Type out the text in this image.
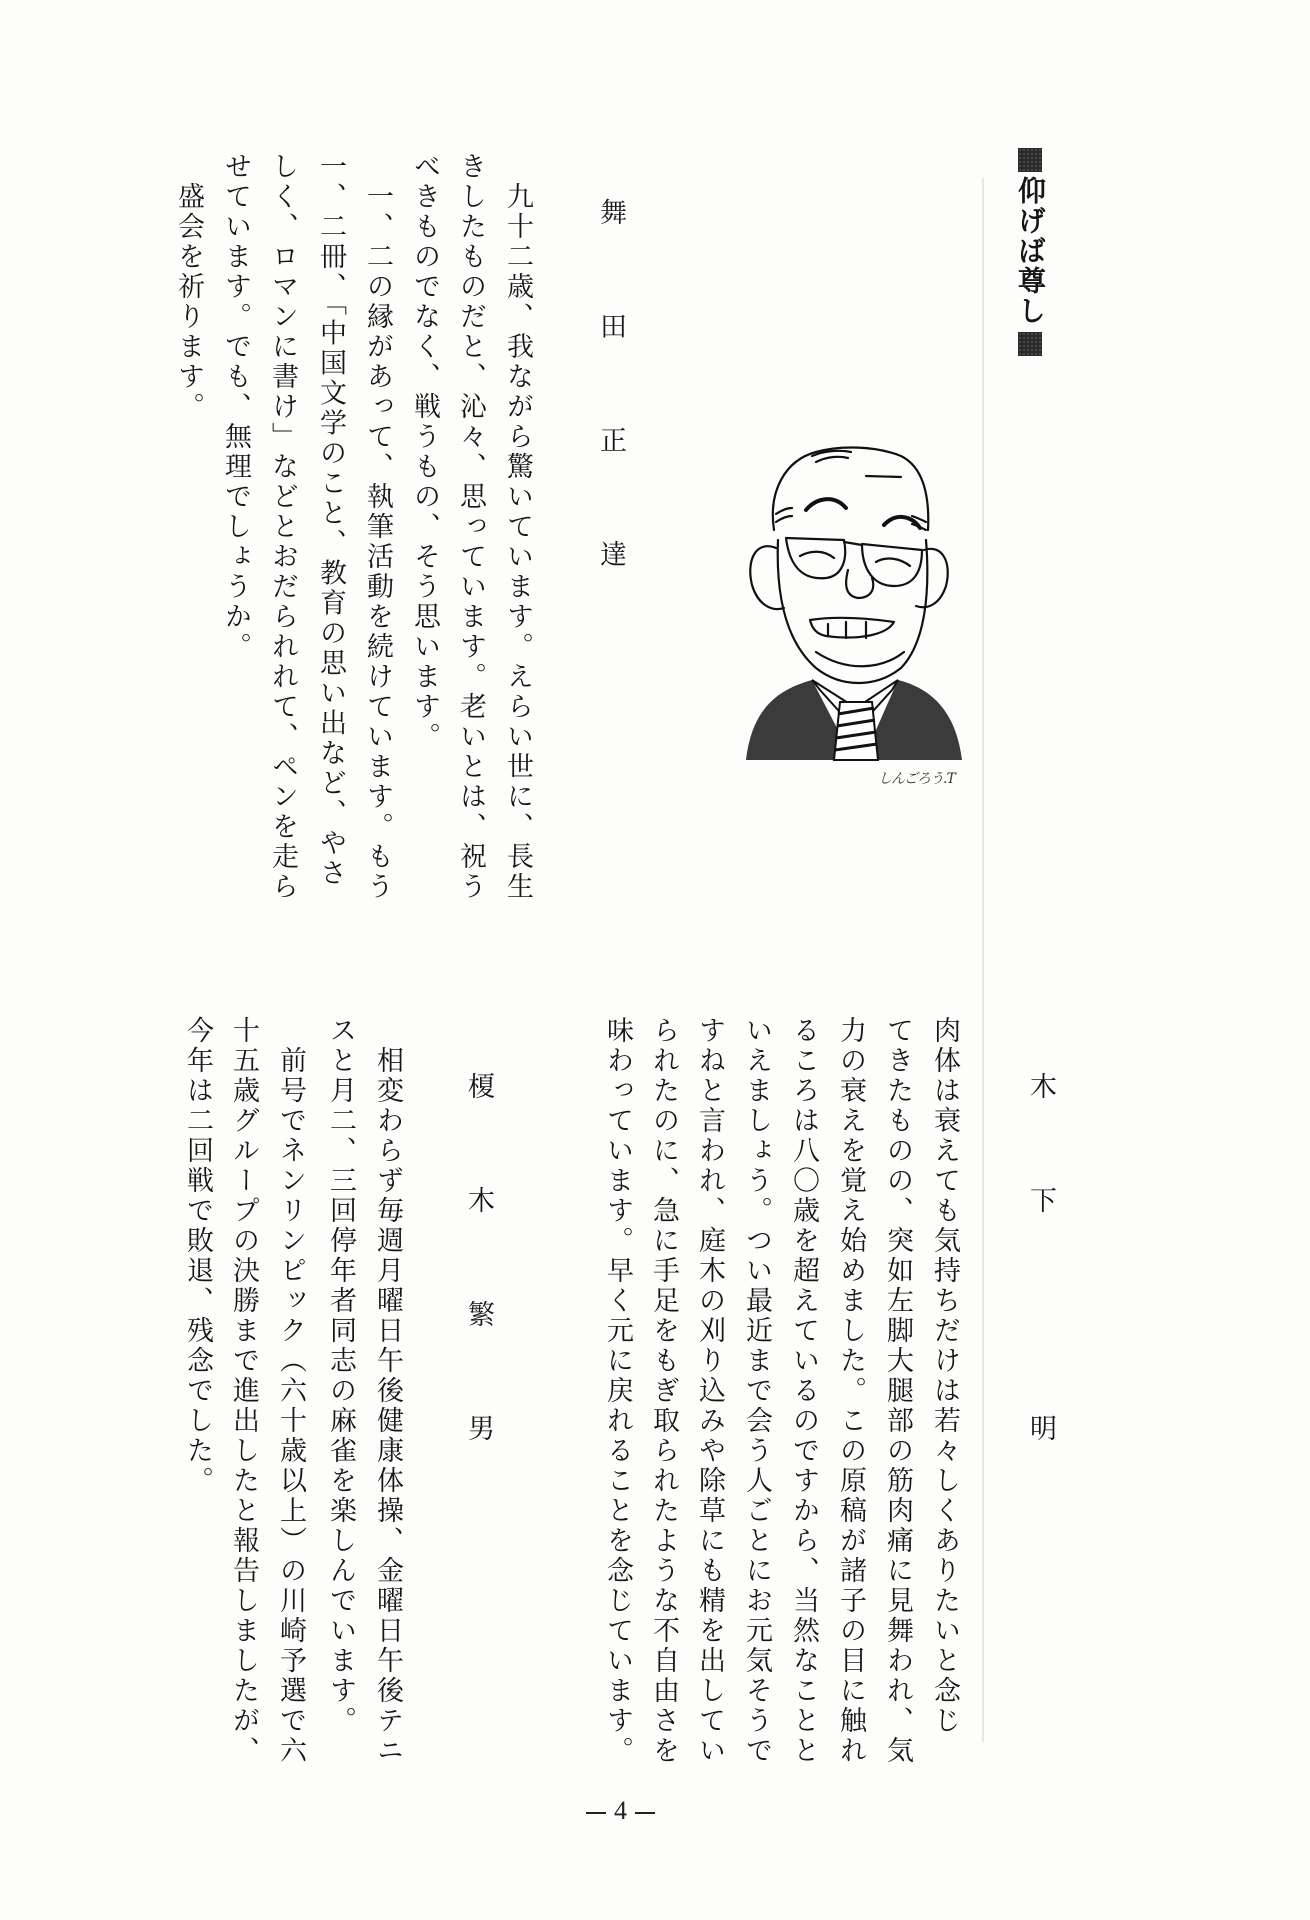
仰げば尊し
しんごろう.T
木　下　　　明
肉体は衰えても気持ちだけは若々しくありたいと念じ
てきたものの、突如左脚大腿部の筋肉痛に見舞われ、気
力の衰えを覚え始めました。この原稿が諸子の目に触れ
るころは八〇歳を超えているのですから、当然なことと
いえましょう。つい最近まで会う人ごとにお元気そうで
すねと言われ、庭木の刈り込みや除草にも精を出してい
られたのに、急に手足をもぎ取られたような不自由さを
味わっています。早く元に戻れることを念じています。
榎　木　繁　男
相変わらず毎週月曜日午後健康体操、金曜日午後テニ
スと月二、三回停年者同志の麻雀を楽しんでいます。
前号でネンリンピック（六十歳以上）の川崎予選で六
十五歳グループの決勝まで進出したと報告しましたが、
今年は二回戦で敗退、残念でした。
舞　田　正　達
九十二歳、我ながら驚いています。えらい世に、長生
きしたものだと、沁々、思っています。老いとは、祝う
べきものでなく、戦うもの、そう思います。
一、二の縁があって、執筆活動を続けています。もう
一、二冊、「中国文学のこと、教育の思い出など、やさ
しく、ロマンに書け」などとおだられれて、ペンを走ら
せています。でも、無理でしょうか。
盛会を祈ります。
4
